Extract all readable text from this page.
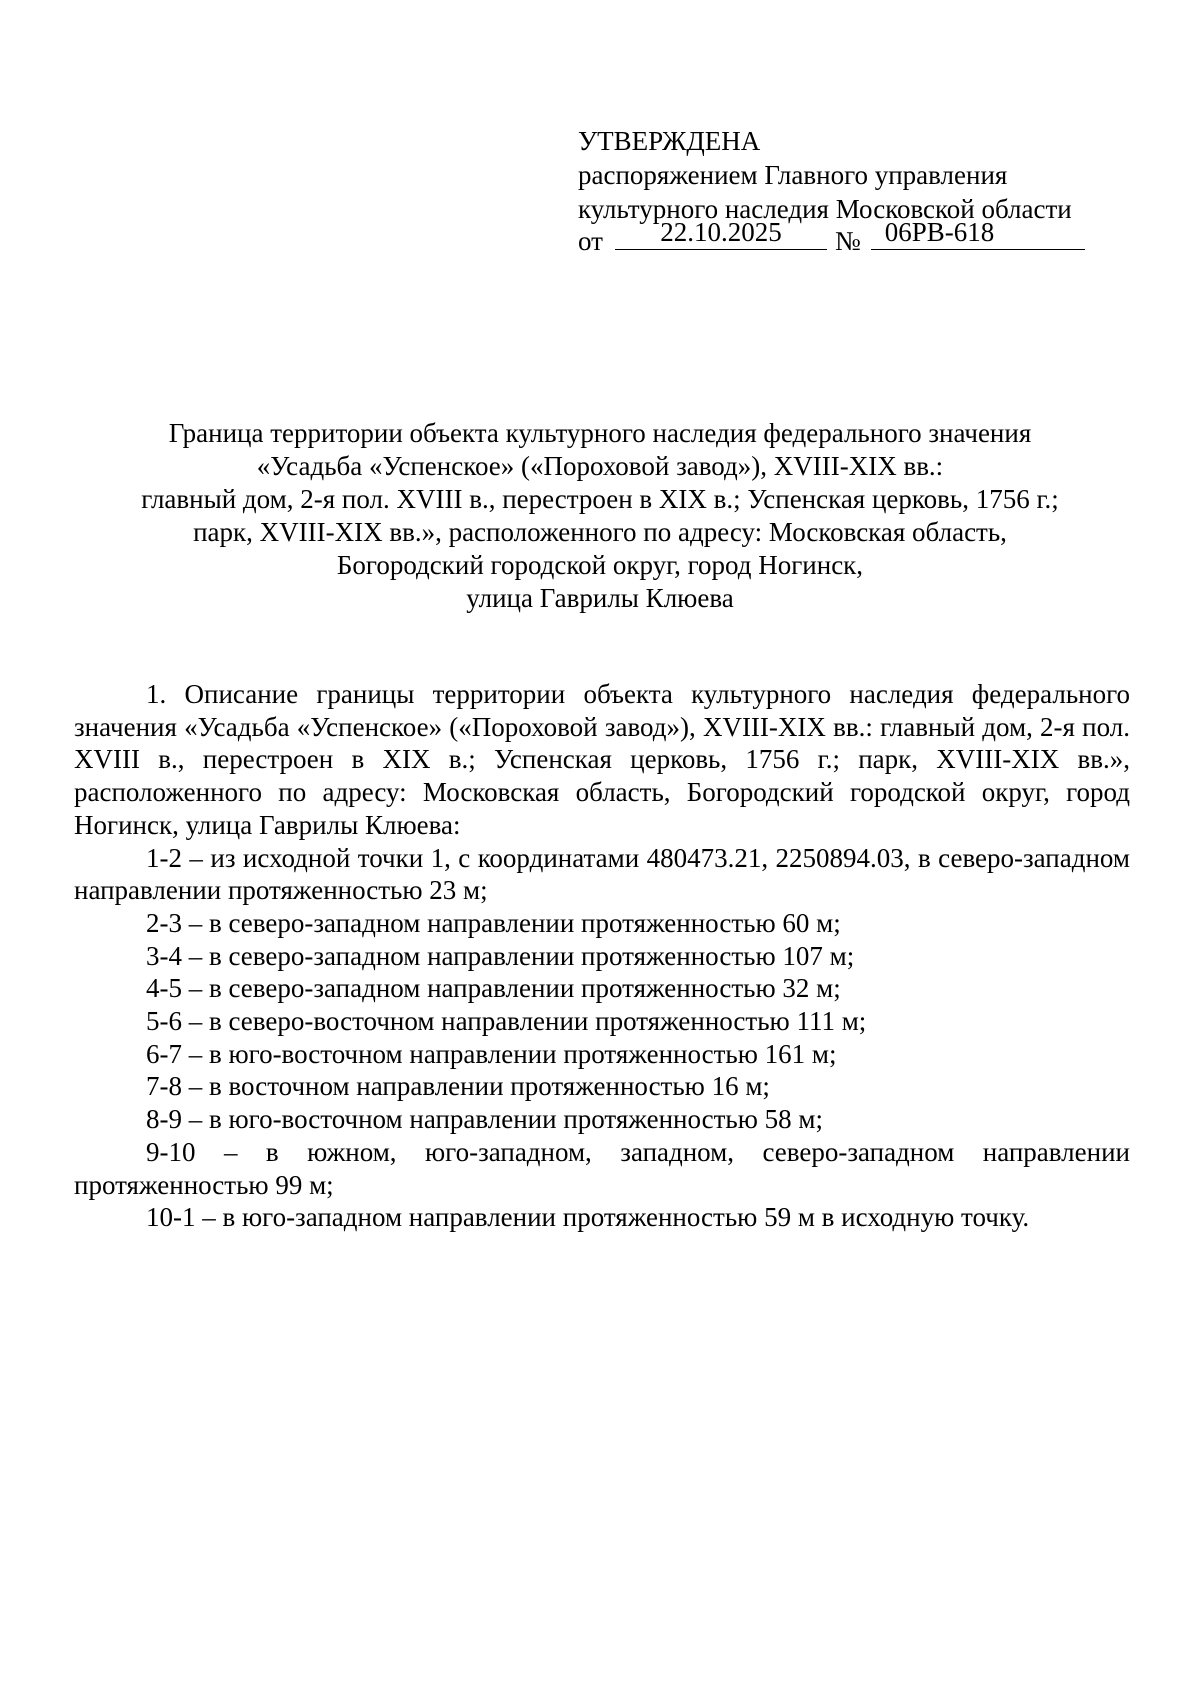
УТВЕРЖДЕНА
распоряжением Главного управления
культурного наследия Московской области
от	22.10.2025	№ 06РВ-618
Граница территории объекта культурного наследия федерального значения
«Усадьба «Успенское» («Пороховой завод»), XVIII-XIX вв.:
главный дом, 2-я пол. XVIII в., перестроен в XIX в.; Успенская церковь, 1756 г.;
парк, XVIII-XIX вв.», расположенного по адресу: Московская область,
Богородский городской округ, город Ногинск,
улица Гаврилы Клюева

1. Описание границы территории объекта культурного наследия федерального значения «Усадьба «Успенское» («Пороховой завод»), XVIII-XIX вв.: главный дом, 2-я пол. XVIII в., перестроен в XIX в.; Успенская церковь, 1756 г.; парк, XVIII-XIX вв.», расположенного по адресу: Московская область, Богородский городской округ, город Ногинск, улица Гаврилы Клюева:

1-2 – из исходной точки 1, с координатами 480473.21, 2250894.03, в северо-западном направлении протяженностью 23 м;

2-3 – в северо-западном направлении протяженностью 60 м;

3-4 – в северо-западном направлении протяженностью 107 м;

4-5 – в северо-западном направлении протяженностью 32 м;

5-6 – в северо-восточном направлении протяженностью 111 м;

6-7 – в юго-восточном направлении протяженностью 161 м;

7-8 – в восточном направлении протяженностью 16 м;

8-9 – в юго-восточном направлении протяженностью 58 м;

9-10 – в южном, юго-западном, западном, северо-западном направлении протяженностью 99 м;

10-1 – в юго-западном направлении протяженностью 59 м в исходную точку.
